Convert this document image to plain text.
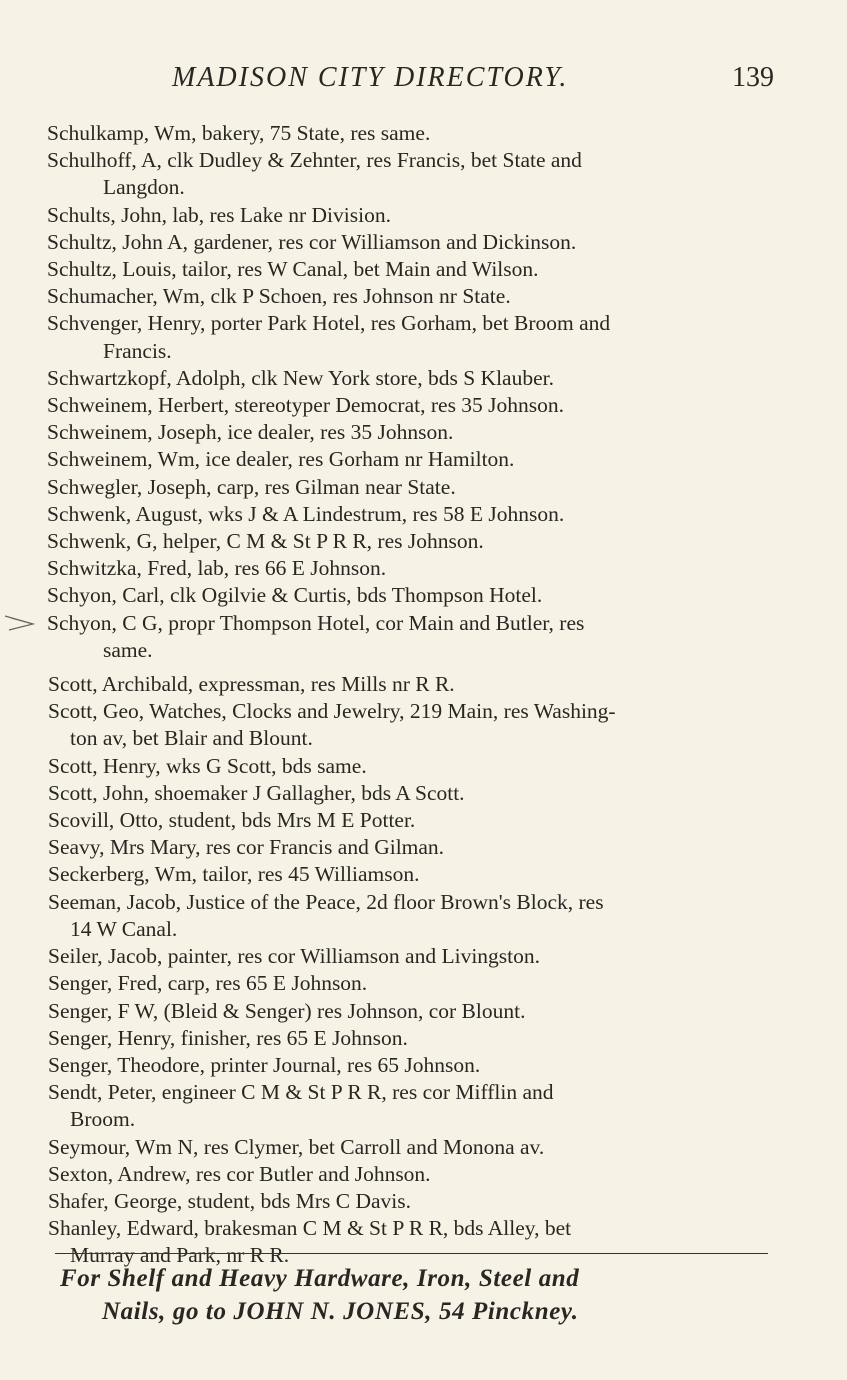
MADISON CITY DIRECTORY.	139
Schulkamp, Wm, bakery, 75 State, res same.
Schulhoff, A, clk Dudley & Zehnter, res Francis, bet State and
Langdon.
Schults, John, lab, res Lake nr Division.
Schultz, John A, gardener, res cor Williamson and Dickinson.
Schultz, Louis, tailor, res W Canal, bet Main and Wilson.
Schumacher, Wm, clk P Schoen, res Johnson nr State.
Schvenger, Henry, porter Park Hotel, res Gorham, bet Broom and
Francis.
Schwartzkopf, Adolph, clk New York store, bds S Klauber.
Schweinem, Herbert, stereotyper Democrat, res 35 Johnson.
Schweinem, Joseph, ice dealer, res 35 Johnson.
Schweinem, Wm, ice dealer, res Gorham nr Hamilton.
Schwegler, Joseph, carp, res Gilman near State.
Schwenk, August, wks J & A Lindestrum, res 58 E Johnson.
Schwenk, G, helper, C M & St P R R, res Johnson.
Schwitzka, Fred, lab, res 66 E Johnson.
Schyon, Carl, clk Ogilvie & Curtis, bds Thompson Hotel.
Schyon, C G, propr Thompson Hotel, cor Main and Butler, res
same.
Scott, Archibald, expressman, res Mills nr R R.
Scott, Geo, Watches, Clocks and Jewelry, 219 Main, res Washing-
ton av, bet Blair and Blount.
Scott, Henry, wks G Scott, bds same.
Scott, John, shoemaker J Gallagher, bds A Scott.
Scovill, Otto, student, bds Mrs M E Potter.
Seavy, Mrs Mary, res cor Francis and Gilman.
Seckerberg, Wm, tailor, res 45 Williamson.
Seeman, Jacob, Justice of the Peace, 2d floor Brown's Block, res
14 W Canal.
Seiler, Jacob, painter, res cor Williamson and Livingston.
Senger, Fred, carp, res 65 E Johnson.
Senger, F W, (Bleid & Senger) res Johnson, cor Blount.
Senger, Henry, finisher, res 65 E Johnson.
Senger, Theodore, printer Journal, res 65 Johnson.
Sendt, Peter, engineer C M & St P R R, res cor Mifflin and
Broom.
Seymour, Wm N, res Clymer, bet Carroll and Monona av.
Sexton, Andrew, res cor Butler and Johnson.
Shafer, George, student, bds Mrs C Davis.
Shanley, Edward, brakesman C M & St P R R, bds Alley, bet
Murray and Park, nr R R.
For Shelf and Heavy Hardware, Iron, Steel and
Nails, go to JOHN N. JONES, 54 Pinckney.
